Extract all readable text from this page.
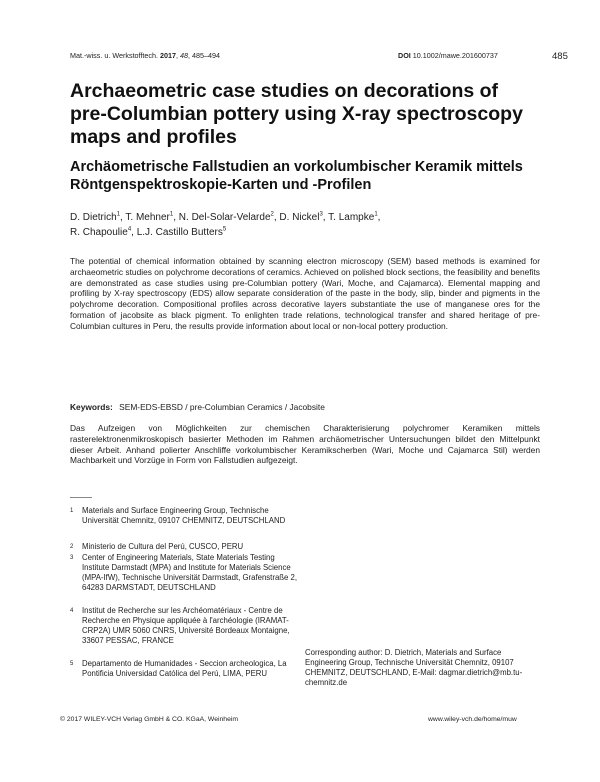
Mat.-wiss. u. Werkstofftech. 2017, 48, 485–494	DOI 10.1002/mawe.201600737	485
Archaeometric case studies on decorations of pre-Columbian pottery using X-ray spectroscopy maps and profiles
Archäometrische Fallstudien an vorkolumbischer Keramik mittels Röntgenspektroskopie-Karten und -Profilen
D. Dietrich$^1$, T. Mehner$^1$, N. Del-Solar-Velarde$^2$, D. Nickel$^3$, T. Lampke$^1$,
R. Chapoulie$^4$, L.J. Castillo Butters$^5$
The potential of chemical information obtained by scanning electron microscopy (SEM) based methods is examined for archaeometric studies on polychrome decorations of ceramics. Achieved on polished block sections, the feasibility and benefits are demonstrated as case studies using pre-Columbian pottery (Wari, Moche, and Cajamarca). Elemental mapping and profiling by X-ray spectroscopy (EDS) allow separate consideration of the paste in the body, slip, binder and pigments in the polychrome decoration. Compositional profiles across decorative layers substantiate the use of manganese ores for the formation of jacobsite as black pigment. To enlighten trade relations, technological transfer and shared heritage of pre-Columbian cultures in Peru, the results provide information about local or non-local pottery production.
Keywords: SEM-EDS-EBSD / pre-Columbian Ceramics / Jacobsite
Das Aufzeigen von Möglichkeiten zur chemischen Charakterisierung polychromer Keramiken mittels rasterelektronenmikroskopisch basierter Methoden im Rahmen archäometrischer Untersuchungen bildet den Mittelpunkt dieser Arbeit. Anhand polierter Anschliffe vorkolumbischer Keramikscherben (Wari, Moche und Cajamarca Stil) werden Machbarkeit und Vorzüge in Form von Fallstudien aufgezeigt.
1 Materials and Surface Engineering Group, Technische Universität Chemnitz, 09107 CHEMNITZ, DEUTSCHLAND
2 Ministerio de Cultura del Perú, CUSCO, PERU
3 Center of Engineering Materials, State Materials Testing Institute Darmstadt (MPA) and Institute for Materials Science (MPA-IfW), Technische Universität Darmstadt, Grafenstraße 2, 64283 DARMSTADT, DEUTSCHLAND
4 Institut de Recherche sur les Archéomatériaux - Centre de Recherche en Physique appliquée à l'archéologie (IRAMAT-CRP2A) UMR 5060 CNRS, Université Bordeaux Montaigne, 33607 PESSAC, FRANCE
5 Departamento de Humanidades - Seccion archeologica, La Pontificia Universidad Católica del Perú, LIMA, PERU
Corresponding author: D. Dietrich, Materials and Surface Engineering Group, Technische Universität Chemnitz, 09107 CHEMNITZ, DEUTSCHLAND, E-Mail: dagmar.dietrich@mb.tu-chemnitz.de
© 2017 WILEY-VCH Verlag GmbH & CO. KGaA, Weinheim	www.wiley-vch.de/home/muw
